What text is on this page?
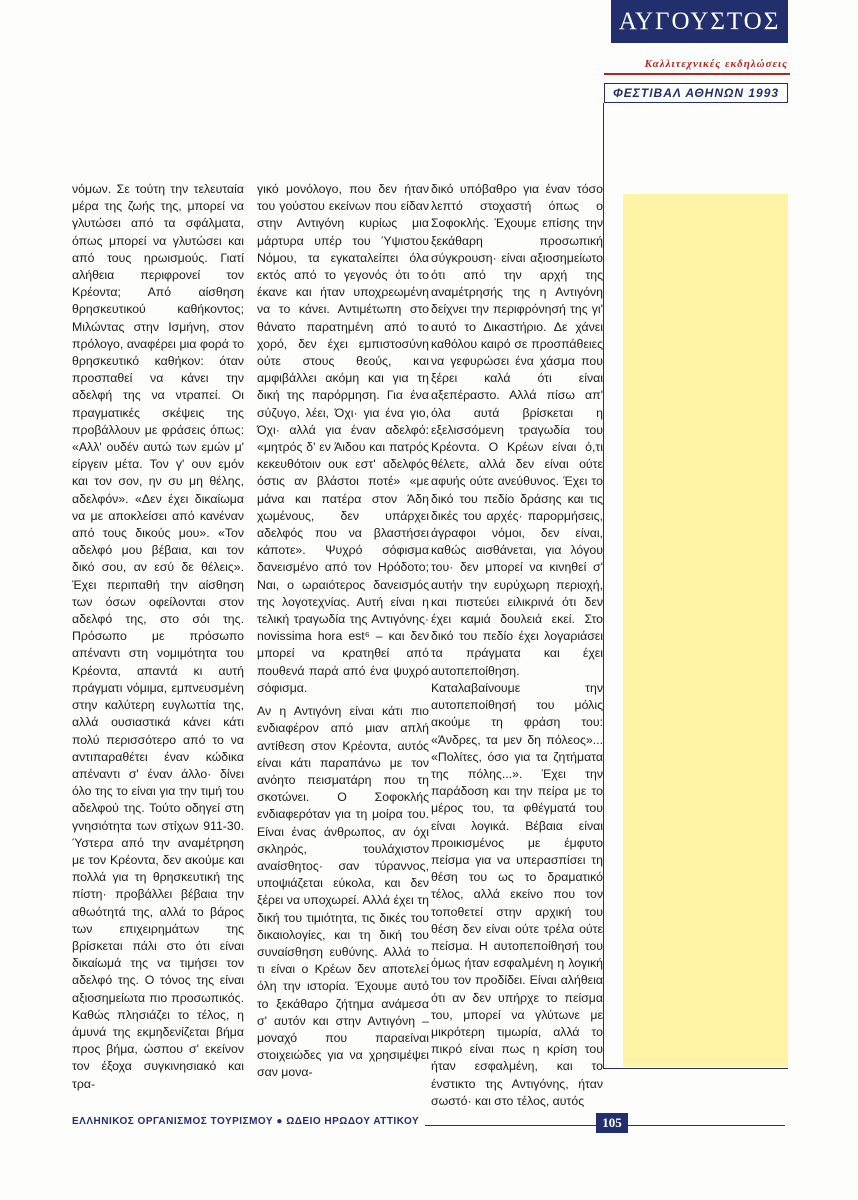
ΑΥΓΟΥΣΤΟΣ
Καλλιτεχνικές εκδηλώσεις
ΦΕΣΤΙΒΑΛ ΑΘΗΝΩΝ 1993

νόμων. Σε τούτη την τελευταία μέρα της ζωής της, μπορεί να γλυτώσει από τα σφάλματα, όπως μπορεί να γλυτώσει και από τους ηρωισμούς. Γιατί αλήθεια περιφρονεί τον Κρέοντα; Από αίσθηση θρησκευτικού καθήκοντος; Μιλώντας στην Ισμήνη, στον πρόλογο, αναφέρει μια φορά το θρησκευτικό καθήκον: όταν προσπαθεί να κάνει την αδελφή της να ντραπεί. Οι πραγματικές σκέψεις της προβάλλουν με φράσεις όπως: «Αλλ' ουδέν αυτώ των εμών μ' είργειν μέτα. Τον γ' ουν εμόν και τον σον, ην συ μη θέλης, αδελφόν». «Δεν έχει δικαίωμα να με αποκλείσει από κανέναν από τους δικούς μου». «Τον αδελφό μου βέβαια, και τον δικό σου, αν εσύ δε θέλεις». Έχει περιπαθή την αίσθηση των όσων οφείλονται στον αδελφό της, στο σόι της. Πρόσωπο με πρόσωπο απέναντι στη νομιμότητα του Κρέοντα, απαντά κι αυτή πράγματι νόμιμα, εμπνευσμένη στην καλύτερη ευγλωττία της, αλλά ουσιαστικά κάνει κάτι πολύ περισσότερο από το να αντιπαραθέτει έναν κώδικα απέναντι σ' έναν άλλο· δίνει όλο της το είναι για την τιμή του αδελφού της. Τούτο οδηγεί στη γνησιότητα των στίχων 911-30. Ύστερα από την αναμέτρηση με τον Κρέοντα, δεν ακούμε και πολλά για τη θρησκευτική της πίστη· προβάλλει βέβαια την αθωότητά της, αλλά το βάρος των επιχειρημάτων της βρίσκεται πάλι στο ότι είναι δικαίωμά της να τιμήσει τον αδελφό της. Ο τόνος της είναι αξιοσημείωτα πιο προσωπικός. Καθώς πλησιάζει το τέλος, η άμυνά της εκμηδενίζεται βήμα προς βήμα, ώσπου σ' εκείνον τον έξοχα συγκινησιακό και τρα-

γικό μονόλογο, που δεν ήταν του γούστου εκείνων που είδαν στην Αντιγόνη κυρίως μια μάρτυρα υπέρ του Ύψιστου Νόμου, τα εγκαταλείπει όλα εκτός από το γεγονός ότι το έκανε και ήταν υποχρεωμένη να το κάνει. Αντιμέτωπη στο θάνατο παρατημένη από το χορό, δεν έχει εμπιστοσύνη ούτε στους θεούς, και αμφιβάλλει ακόμη και για τη δική της παρόρμηση. Για ένα σύζυγο, λέει, Όχι· για ένα γιο, Όχι· αλλά για έναν αδελφό: «μητρός δ' εν Άιδου και πατρός κεκευθότοιν ουκ εστ' αδελφός όστις αν βλάστοι ποτέ» «με μάνα και πατέρα στον Άδη χωμένους, δεν υπάρχει αδελφός που να βλαστήσει κάποτε». Ψυχρό σόφισμα δανεισμένο από τον Ηρόδοτο; Ναι, ο ωραιότερος δανεισμός της λογοτεχνίας. Αυτή είναι η τελική τραγωδία της Αντιγόνης· novissima hora est⁶ – και δεν μπορεί να κρατηθεί από πουθενά παρά από ένα ψυχρό σόφισμα.

Αν η Αντιγόνη είναι κάτι πιο ενδιαφέρον από μιαν απλή αντίθεση στον Κρέοντα, αυτός είναι κάτι παραπάνω με τον ανόητο πεισματάρη που τη σκοτώνει. Ο Σοφοκλής ενδιαφερόταν για τη μοίρα του. Είναι ένας άνθρωπος, αν όχι σκληρός, τουλάχιστον αναίσθητος· σαν τύραννος, υποψιάζεται εύκολα, και δεν ξέρει να υποχωρεί. Αλλά έχει τη δική του τιμιότητα, τις δικές του δικαιολογίες, και τη δική του συναίσθηση ευθύνης. Αλλά το τι είναι ο Κρέων δεν αποτελεί όλη την ιστορία. Έχουμε αυτό το ξεκάθαρο ζήτημα ανάμεσα σ' αυτόν και στην Αντιγόνη – μοναχό που παραείναι στοιχειώδες για να χρησιμέψει σαν μονα-

δικό υπόβαθρο για έναν τόσο λεπτό στοχαστή όπως ο Σοφοκλής. Έχουμε επίσης την ξεκάθαρη προσωπική σύγκρουση· είναι αξιοσημείωτο ότι από την αρχή της αναμέτρησής της η Αντιγόνη δείχνει την περιφρόνησή της γι' αυτό το Δικαστήριο. Δε χάνει καθόλου καιρό σε προσπάθειες να γεφυρώσει ένα χάσμα που ξέρει καλά ότι είναι αξεπέραστο. Αλλά πίσω απ' όλα αυτά βρίσκεται η εξελισσόμενη τραγωδία του Κρέοντα. Ο Κρέων είναι ό,τι θέλετε, αλλά δεν είναι ούτε αφυής ούτε ανεύθυνος. Έχει το δικό του πεδίο δράσης και τις δικές του αρχές· παρορμήσεις, άγραφοι νόμοι, δεν είναι, καθώς αισθάνεται, για λόγου του· δεν μπορεί να κινηθεί σ' αυτήν την ευρύχωρη περιοχή, και πιστεύει ειλικρινά ότι δεν έχει καμιά δουλειά εκεί. Στο δικό του πεδίο έχει λογαριάσει τα πράγματα και έχει αυτοπεποίθηση. Καταλαβαίνουμε την αυτοπεποίθησή του μόλις ακούμε τη φράση του: «Άνδρες, τα μεν δη πόλεος»... «Πολίτες, όσο για τα ζητήματα της πόλης...». Έχει την παράδοση και την πείρα με το μέρος του, τα φθέγματά του είναι λογικά. Βέβαια είναι προικισμένος με έμφυτο πείσμα για να υπερασπίσει τη θέση του ως το δραματικό τέλος, αλλά εκείνο που τον τοποθετεί στην αρχική του θέση δεν είναι ούτε τρέλα ούτε πείσμα. Η αυτοπεποίθησή του όμως ήταν εσφαλμένη η λογική του τον προδίδει. Είναι αλήθεια ότι αν δεν υπήρχε το πείσμα του, μπορεί να γλύτωνε με μικρότερη τιμωρία, αλλά το πικρό είναι πως η κρίση του ήταν εσφαλμένη, και το ένστικτο της Αντιγόνης, ήταν σωστό· και στο τέλος, αυτός

ΕΛΛΗΝΙΚΟΣ ΟΡΓΑΝΙΣΜΟΣ ΤΟΥΡΙΣΜΟΥ ● ΩΔΕΙΟ ΗΡΩΔΟΥ ΑΤΤΙΚΟΥ	105
